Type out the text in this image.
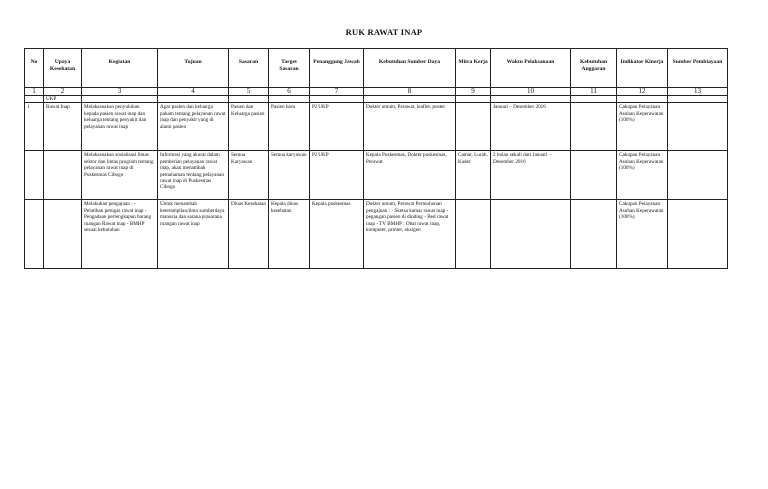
RUK RAWAT INAP
No	Upaya Kesehatan	Kegiatan	Tujuan	Sasaran	Target Sasaran	Penanggung Jawab	Kebutuhan Sumber Daya	Mitra Kerja	Waktu Pelaksanaan	Kebutuhan Anggaran	Indikator Kinerja	Sumber Pembiayaan
1	2	3	4	5	6	7	8	9	10	11	12	13
	UKP											
1	Rawat Inap	Melaksanakan penyuluhan kepada pasien rawat inap dan keluarga tentang penyakit dan pelayanan rawat inap	Agar pasien dan keluarga paham tentang pelayanan rawat inap dan penyakit yang di alami pasien	Pasien dan Keluarga pasien	Pasien baru	PJ UKP	Dokter umum, Perawat, leaflet, poster		Januari – Desember 2016		Cakupan Pelayanan Asuhan Keperawatan (100%)	
		Melaksanakan sosialisasi lintas sektor dan lintas program tentang pelayanan rawat inap di Puskesmas Cibogo	Informasi yang akurat dalam pemberian pelayanan rawat inap, akan menambah pemahaman tentang pelayanan rawat inap di Puskesmas Cibogo	Semua Karyawan	Semua karyawan	PJ UKP	Kepala Puskesmas, Dokter puskesmas, Perawat	Camat, Lurah, Kader	2 bulan sekali dari Januari – Desember 2016		Cakupan Pelayanan Asuhan Keperawatan (100%)	
		Melakukan pengajuan : - Pelatihan petugas rawat inap - Pengadaan perlengkapan barang ruangan Rawat inap - BMHP sesuai kebutuhan	Untuk menambah keterampilan/ilmu sumberdaya manusia dan sarana prasarana ruangan rawat inap	Dinas Kesehatan	Kepala dinas kesehatan	Kepala puskesmas	Dokter umum, Perawat Permohonan pengajuan : - Sketsa kamar rawat inap - pegangan pasien di dinding - Bed rawat inap - TV BMHP : Obat rawat inap, komputer, printer, oksigen				Cakupan Pelayanan Asuhan Keperawatan (100%)	
